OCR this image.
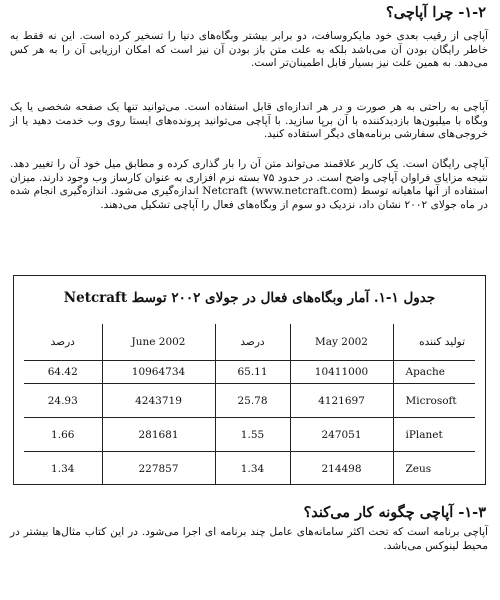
۱-۲- چرا آپاچی؟

آپاچی از رقیب بعدی خود مایکروسافت، دو برابر بیشتر وبگاه‌های دنیا را تسخیر کرده است. این نه فقط به خاطر رایگان بودن آن می‌باشد بلکه به علت متن باز بودن آن نیز است که امکان ارزیابی آن را به هر کس می‌دهد. به همین علت نیز بسیار قابل اطمینان‌تر است.

آپاچی به راحتی به هر صورت و در هر اندازه‌ای قابل استفاده است. می‌توانید تنها یک صفحه شخصی یا یک وبگاه با میلیون‌ها بازدیدکننده با آن برپا سازید. با آپاچی می‌توانید پرونده‌های ایستا روی وب خدمت دهید یا از خروجی‌های سفارشی برنامه‌های دیگر استفاده کنید.

آپاچی رایگان است. یک کاربر علاقمند می‌تواند متن آن را بار گذاری کرده و مطابق میل خود آن را تغییر دهد. نتیجه مزایای فراوان آپاچی واضح است. در حدود ۷۵ بسته نرم افزاری به عنوان کارساز وب وجود دارند. میزان استفاده از آنها ماهیانه توسط Netcraft (www.netcraft.com) اندازه‌گیری می‌شود. اندازه‌گیری انجام شده در ماه جولای ۲۰۰۲ نشان داد، نزدیک دو سوم از وبگاه‌های فعال را آپاچی تشکیل می‌دهند.

جدول ۱-۱. آمار وبگاه‌های فعال در جولای ۲۰۰۲ توسط Netcraft
درصد	June 2002	درصد	May 2002	تولید کننده
64.42	10964734	65.11	10411000	Apache
24.93	4243719	25.78	4121697	Microsoft
1.66	281681	1.55	247051	iPlanet
1.34	227857	1.34	214498	Zeus
۱-۳- آپاچی چگونه کار می‌کند؟

آپاچی برنامه است که تحت اکثر سامانه‌های عامل چند برنامه ای اجرا می‌شود. در این کتاب مثال‌ها بیشتر در محیط لینوکس می‌باشد.
